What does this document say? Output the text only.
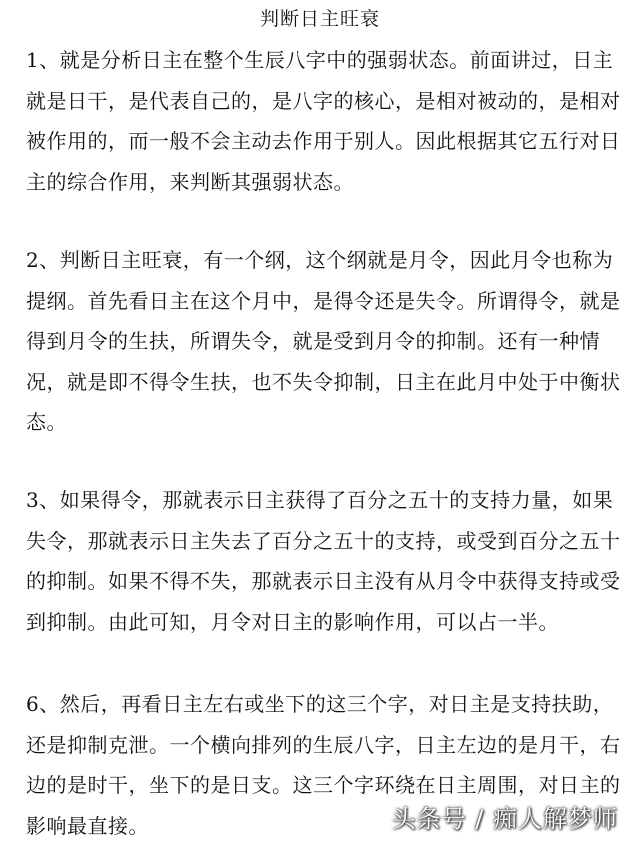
判断日主旺衰

1、就是分析日主在整个生辰八字中的强弱状态。前面讲过，日主就是日干，是代表自己的，是八字的核心，是相对被动的，是相对被作用的，而一般不会主动去作用于别人。因此根据其它五行对日主的综合作用，来判断其强弱状态。

2、判断日主旺衰，有一个纲，这个纲就是月令，因此月令也称为提纲。首先看日主在这个月中，是得令还是失令。所谓得令，就是得到月令的生扶，所谓失令，就是受到月令的抑制。还有一种情况，就是即不得令生扶，也不失令抑制，日主在此月中处于中衡状态。

3、如果得令，那就表示日主获得了百分之五十的支持力量，如果失令，那就表示日主失去了百分之五十的支持，或受到百分之五十的抑制。如果不得不失，那就表示日主没有从月令中获得支持或受到抑制。由此可知，月令对日主的影响作用，可以占一半。

6、然后，再看日主左右或坐下的这三个字，对日主是支持扶助，还是抑制克泄。一个横向排列的生辰八字，日主左边的是月干，右边的是时干，坐下的是日支。这三个字环绕在日主周围，对日主的影响最直接。	头条号 / 痴人解梦师
